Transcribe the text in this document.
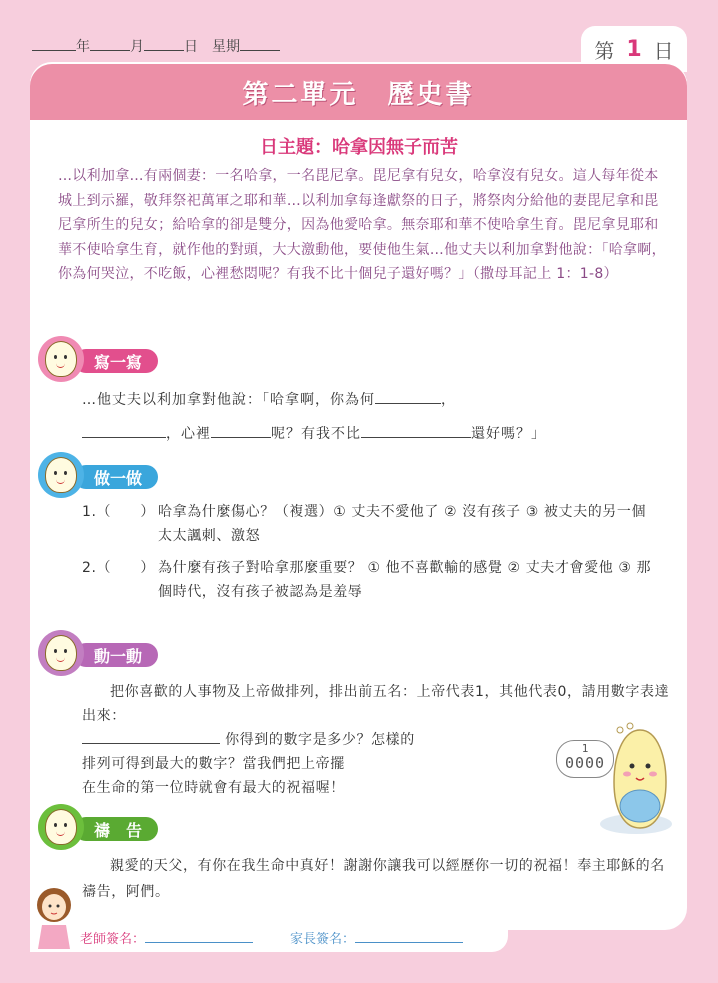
年	月	日　 星期	第 1 日
第二單元　歷史書
日主題：哈拿因無子而苦
…以利加拿…有兩個妻：一名哈拿，一名毘尼拿。毘尼拿有兒女，哈拿沒有兒女。這人每年從本城上到示羅，敬拜祭祀萬軍之耶和華…以利加拿每逢獻祭的日子，將祭肉分給他的妻毘尼拿和毘尼拿所生的兒女；給哈拿的卻是雙分，因為他愛哈拿。無奈耶和華不使哈拿生育。毘尼拿見耶和華不使哈拿生育，就作他的對頭，大大激動他，要使他生氣…他丈夫以利加拿對他說：「哈拿啊，你為何哭泣，不吃飯，心裡愁悶呢？有我不比十個兒子還好嗎？」（撒母耳記上 1：1-8）
寫一寫
…他丈夫以利加拿對他說：「哈拿啊，你為何	，
，心裡	呢？有我不比	還好嗎？」
做一做
1.（　　） 哈拿為什麼傷心？（複選）① 丈夫不愛他了 ② 沒有孩子 ③ 被丈夫的另一個太太諷刺、激怒
2.（　　） 為什麼有孩子對哈拿那麼重要？ ① 他不喜歡輸的感覺 ② 丈夫才會愛他 ③ 那個時代，沒有孩子被認為是羞辱
動一動
把你喜歡的人事物及上帝做排列，排出前五名：上帝代表1，其他代表0，請用數字表達出來：
你得到的數字是多少？怎樣的
排列可得到最大的數字？當我們把上帝擺
在生命的第一位時就會有最大的祝福喔！
1
0000
禱　告
親愛的天父，有你在我生命中真好！謝謝你讓我可以經歷你一切的祝福！奉主耶穌的名禱告，阿們。
老師簽名：	家長簽名：
